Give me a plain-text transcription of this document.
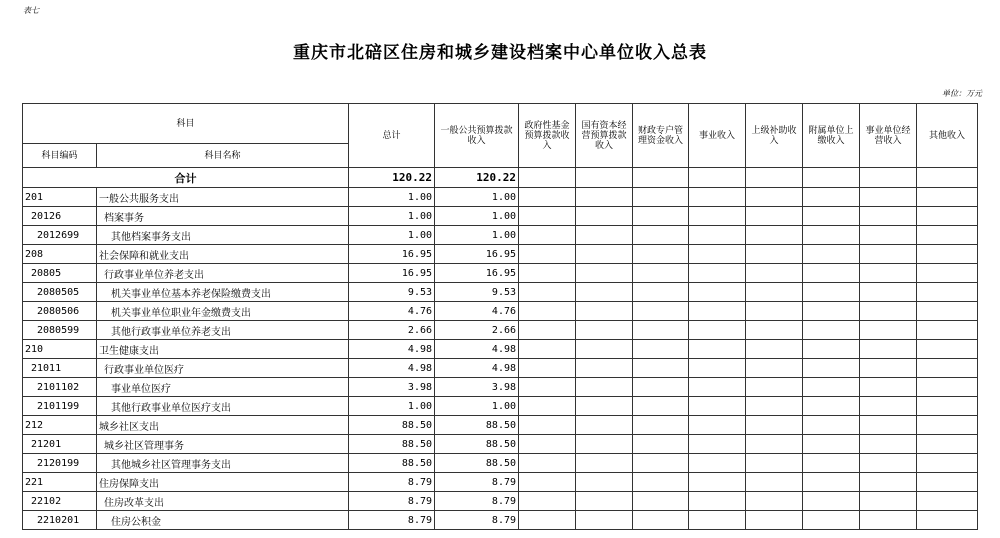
表七
重庆市北碚区住房和城乡建设档案中心单位收入总表
单位：万元
科目		总计	一般公共预算拨款收入	政府性基金预算拨款收入	国有资本经营预算拨款收入	财政专户管理资金收入	事业收入	上级补助收入	附属单位上缴收入	事业单位经营收入	其他收入
科目编码	科目名称										
合计		120.22	120.22								
201	一般公共服务支出	1.00	1.00								
20126	档案事务	1.00	1.00								
2012699	其他档案事务支出	1.00	1.00								
208	社会保障和就业支出	16.95	16.95								
20805	行政事业单位养老支出	16.95	16.95								
2080505	机关事业单位基本养老保险缴费支出	9.53	9.53								
2080506	机关事业单位职业年金缴费支出	4.76	4.76								
2080599	其他行政事业单位养老支出	2.66	2.66								
210	卫生健康支出	4.98	4.98								
21011	行政事业单位医疗	4.98	4.98								
2101102	事业单位医疗	3.98	3.98								
2101199	其他行政事业单位医疗支出	1.00	1.00								
212	城乡社区支出	88.50	88.50								
21201	城乡社区管理事务	88.50	88.50								
2120199	其他城乡社区管理事务支出	88.50	88.50								
221	住房保障支出	8.79	8.79								
22102	住房改革支出	8.79	8.79								
2210201	住房公积金	8.79	8.79								
